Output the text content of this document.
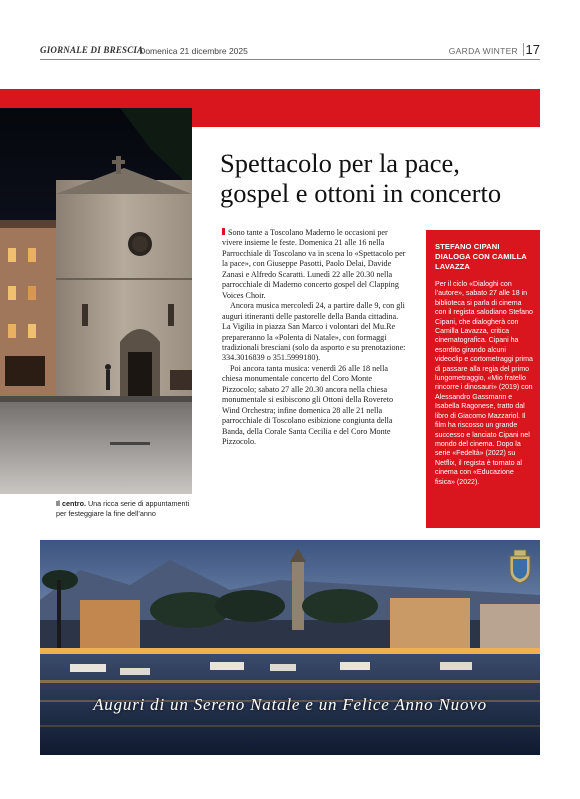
GIORNALE DI BRESCIA
· Domenica 21 dicembre 2025	GARDA WINTER 17
Il centro. Una ricca serie di appuntamenti per festeggiare la fine dell’anno
Spettacolo per la pace,
gospel e ottoni in concerto

Sono tante a Toscolano Maderno le occasioni per vivere insieme le feste. Domenica 21 alle 16 nella Parrocchiale di Toscolano va in scena lo «Spettacolo per la pace», con Giuseppe Pasotti, Paolo Delai, Davide Zanasi e Alfredo Scaratti. Lunedì 22 alle 20.30 nella parrocchiale di Maderno concerto gospel del Clapping Voices Choir.

Ancora musica mercoledì 24, a partire dalle 9, con gli auguri itineranti delle pastorelle della Banda cittadina. La Vigilia in piazza San Marco i volontari del Mu.Re prepareranno la «Polenta di Natale», con formaggi tradizionali bresciani (solo da asporto e su prenotazione: 334.3016839 o 351.5999180).

Poi ancora tanta musica: venerdì 26 alle 18 nella chiesa monumentale concerto del Coro Monte Pizzocolo; sabato 27 alle 20.30 ancora nella chiesa monumentale si esibiscono gli Ottoni della Rovereto Wind Orchestra; infine domenica 28 alle 21 nella parrocchiale di Toscolano esibizione congiunta della Banda, della Corale Santa Cecilia e del Coro Monte Pizzocolo.

STEFANO CIPANI DIALOGA CON CAMILLA LAVAZZA
Per il ciclo «Dialoghi con l’autore», sabato 27 alle 18 in biblioteca si parla di cinema con il regista salodiano Stefano Cipani, che dialogherà con Camilla Lavazza, critica cinematografica. Cipani ha esordito girando alcuni videoclip e cortometraggi prima di passare alla regia del primo lungometraggio, «Mio fratello rincorre i dinosauri» (2019) con Alessandro Gassmann e Isabella Ragonese, tratto dal libro di Giacomo Mazzariol. Il film ha riscosso un grande successo e lanciato Cipani nel mondo del cinema. Dopo la serie «Fedeltà» (2022) su Netflix, il regista è tornato al cinema con «Educazione fisica» (2022).
Auguri di un Sereno Natale e un Felice Anno Nuovo
